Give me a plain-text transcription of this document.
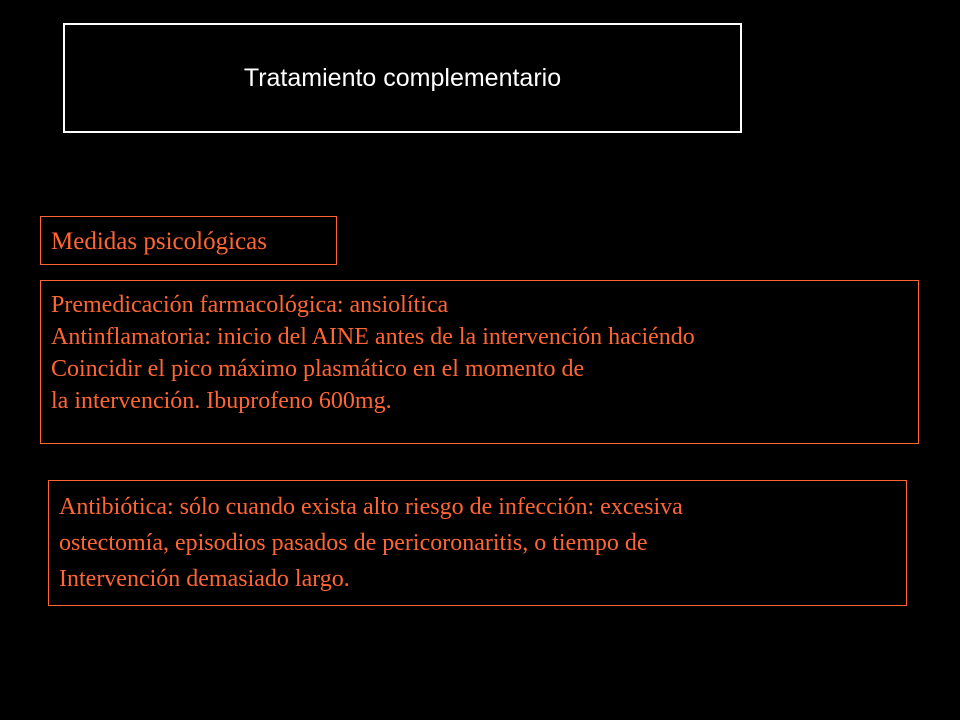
Tratamiento complementario
Medidas psicológicas
Premedicación farmacológica: ansiolítica
Antinflamatoria: inicio del AINE antes de la intervención haciéndo
Coincidir el pico máximo plasmático en el momento de
la intervención. Ibuprofeno 600mg.
Antibiótica: sólo cuando exista alto riesgo de infección: excesiva
ostectomía, episodios pasados de pericoronaritis, o tiempo de
Intervención demasiado largo.
